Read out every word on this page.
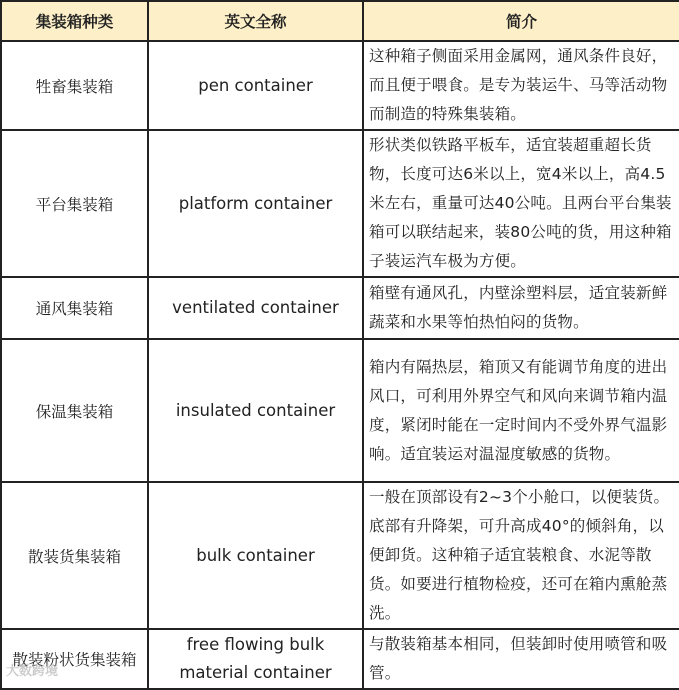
集装箱种类	英文全称	简介
牲畜集装箱	pen container	这种箱子侧面采用金属网，通风条件良好，而且便于喂食。是专为装运牛、马等活动物而制造的特殊集装箱。
平台集装箱	platform container	形状类似铁路平板车，适宜装超重超长货物，长度可达6米以上，宽4米以上，高4.5米左右，重量可达40公吨。且两台平台集装箱可以联结起来，装80公吨的货，用这种箱子装运汽车极为方便。
通风集装箱	ventilated container	箱壁有通风孔，内壁涂塑料层，适宜装新鲜蔬菜和水果等怕热怕闷的货物。
保温集装箱	insulated container	箱内有隔热层，箱顶又有能调节角度的进出风口，可利用外界空气和风向来调节箱内温度，紧闭时能在一定时间内不受外界气温影响。适宜装运对温湿度敏感的货物。
散装货集装箱	bulk container	一般在顶部设有2~3个小舱口，以便装货。底部有升降架，可升高成40°的倾斜角，以便卸货。这种箱子适宜装粮食、水泥等散货。如要进行植物检疫，还可在箱内熏舱蒸洗。
散装粉状货集装箱	free flowing bulk material container	与散装箱基本相同，但装卸时使用喷管和吸管。
大数跨境
